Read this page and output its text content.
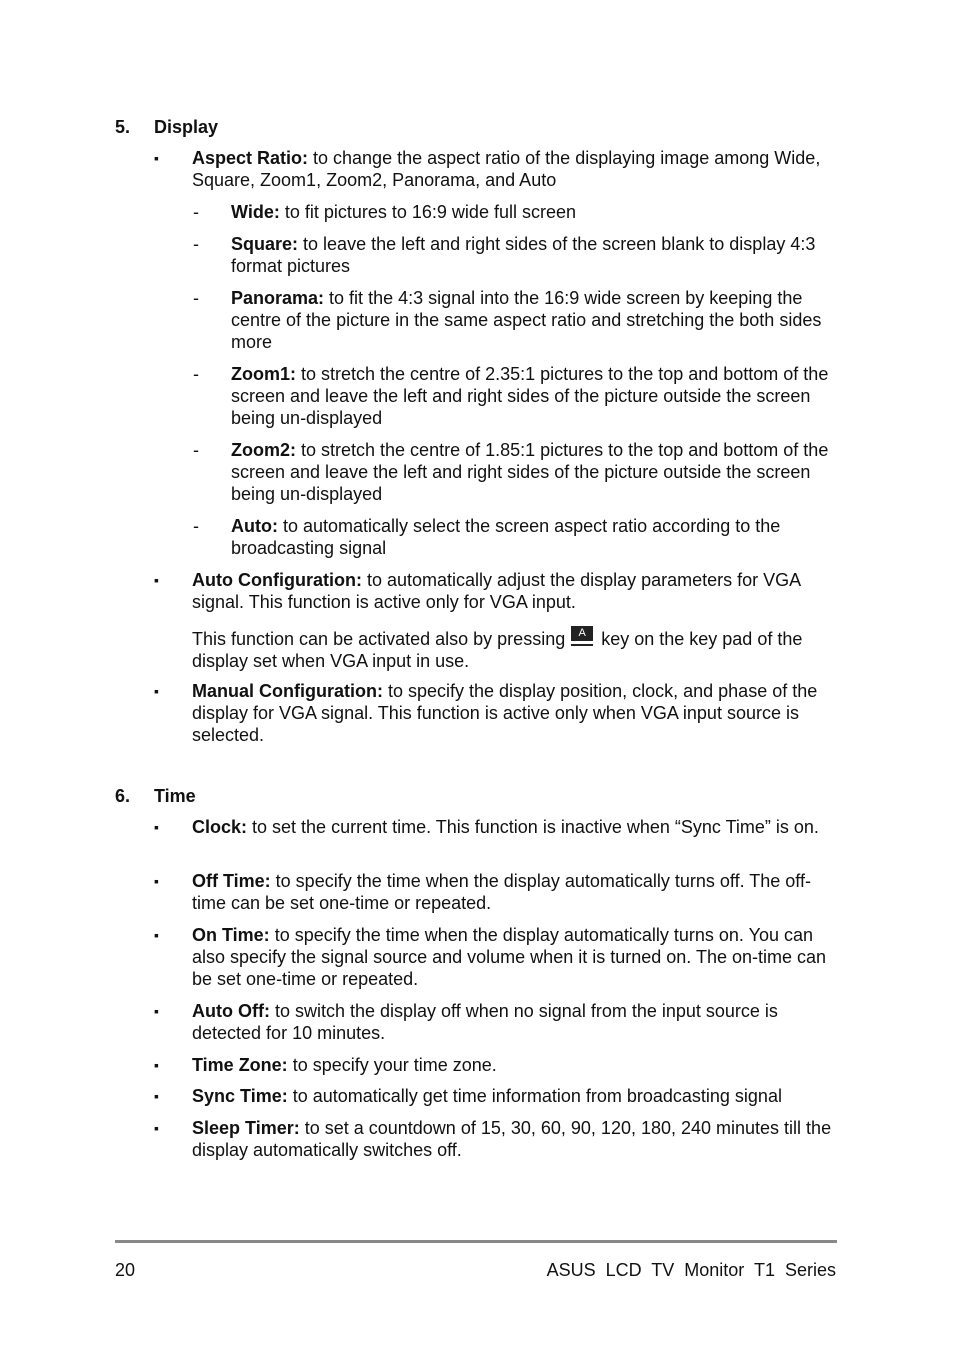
5. Display
▪ Aspect Ratio: to change the aspect ratio of the displaying image among Wide, Square, Zoom1, Zoom2, Panorama, and Auto
- Wide: to fit pictures to 16:9 wide full screen
- Square: to leave the left and right sides of the screen blank to display 4:3 format pictures
- Panorama: to fit the 4:3 signal into the 16:9 wide screen by keeping the centre of the picture in the same aspect ratio and stretching the both sides more
- Zoom1: to stretch the centre of 2.35:1 pictures to the top and bottom of the screen and leave the left and right sides of the picture outside the screen being un-displayed
- Zoom2: to stretch the centre of 1.85:1 pictures to the top and bottom of the screen and leave the left and right sides of the picture outside the screen being un-displayed
- Auto: to automatically select the screen aspect ratio according to the broadcasting signal
▪ Auto Configuration: to automatically adjust the display parameters for VGA signal. This function is active only for VGA input.
This function can be activated also by pressing	A key on the key pad of the display set when VGA input in use.
▪ Manual Configuration: to specify the display position, clock, and phase of the display for VGA signal. This function is active only when VGA input source is selected.
6. Time
▪ Clock: to set the current time. This function is inactive when “Sync Time” is on.
▪ Off Time: to specify the time when the display automatically turns off. The off-time can be set one-time or repeated.
▪ On Time: to specify the time when the display automatically turns on. You can also specify the signal source and volume when it is turned on. The on-time can be set one-time or repeated.
▪ Auto Off: to switch the display off when no signal from the input source is detected for 10 minutes.
▪ Time Zone: to specify your time zone.
▪ Sync Time: to automatically get time information from broadcasting signal
▪ Sleep Timer: to set a countdown of 15, 30, 60, 90, 120, 180, 240 minutes till the display automatically switches off.
20	ASUS LCD TV Monitor T1 Series
